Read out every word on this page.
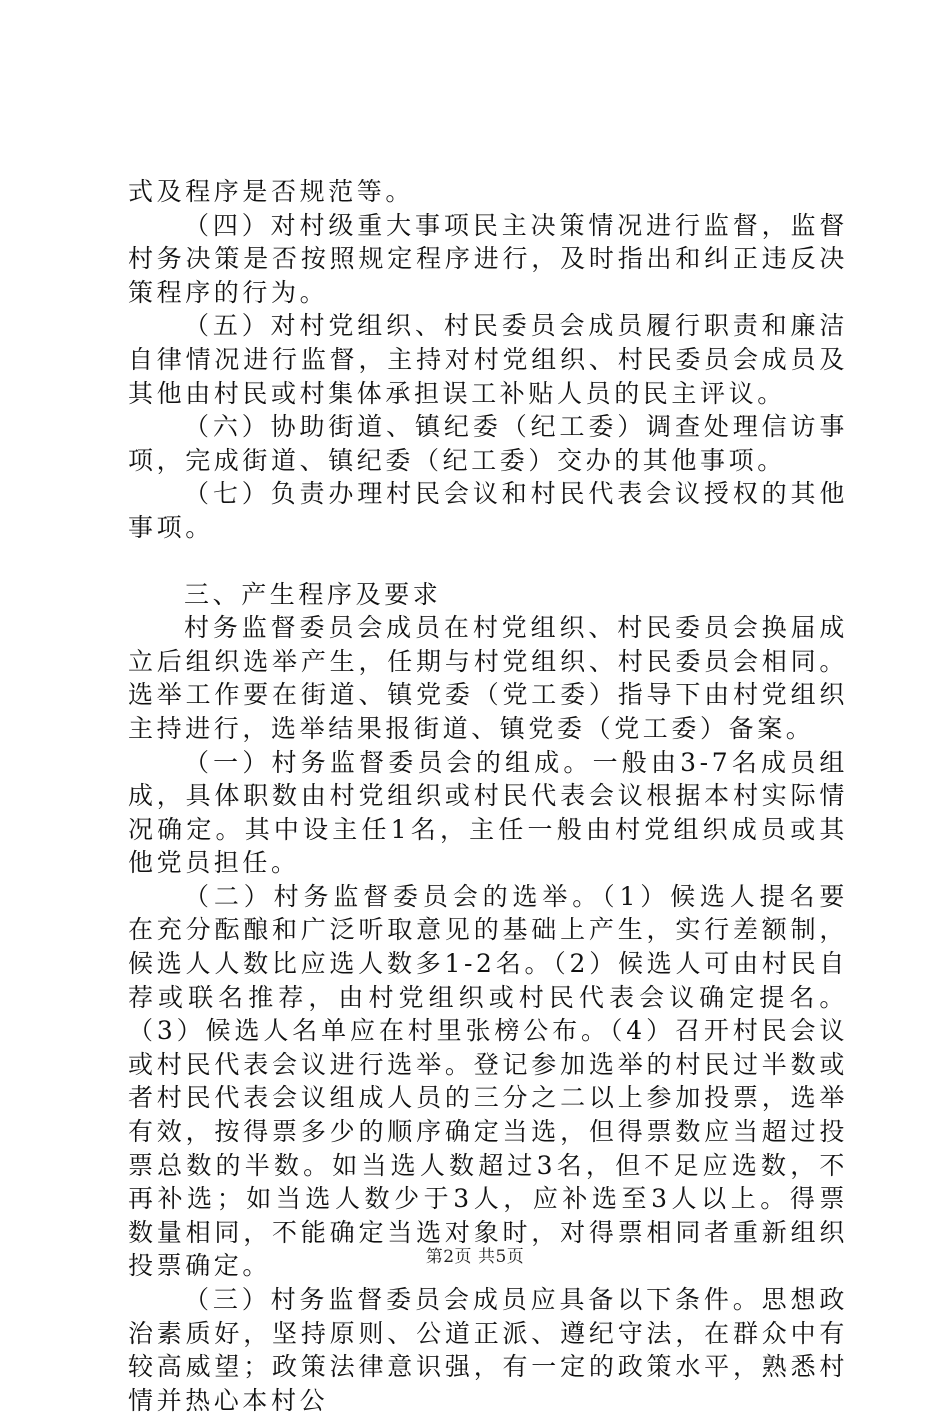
式及程序是否规范等。

（四）对村级重大事项民主决策情况进行监督，监督村务决策是否按照规定程序进行，及时指出和纠正违反决策程序的行为。

（五）对村党组织、村民委员会成员履行职责和廉洁自律情况进行监督，主持对村党组织、村民委员会成员及其他由村民或村集体承担误工补贴人员的民主评议。

（六）协助街道、镇纪委（纪工委）调查处理信访事项，完成街道、镇纪委（纪工委）交办的其他事项。

（七）负责办理村民会议和村民代表会议授权的其他事项。

三、产生程序及要求

村务监督委员会成员在村党组织、村民委员会换届成立后组织选举产生，任期与村党组织、村民委员会相同。选举工作要在街道、镇党委（党工委）指导下由村党组织主持进行，选举结果报街道、镇党委（党工委）备案。

（一）村务监督委员会的组成。一般由3-7名成员组成，具体职数由村党组织或村民代表会议根据本村实际情况确定。其中设主任1名，主任一般由村党组织成员或其他党员担任。

（二）村务监督委员会的选举。（1）候选人提名要在充分酝酿和广泛听取意见的基础上产生，实行差额制，候选人人数比应选人数多1-2名。（2）候选人可由村民自荐或联名推荐，由村党组织或村民代表会议确定提名。（3）候选人名单应在村里张榜公布。（4）召开村民会议或村民代表会议进行选举。登记参加选举的村民过半数或者村民代表会议组成人员的三分之二以上参加投票，选举有效，按得票多少的顺序确定当选，但得票数应当超过投票总数的半数。如当选人数超过3名，但不足应选数，不再补选；如当选人数少于3人，应补选至3人以上。得票数量相同，不能确定当选对象时，对得票相同者重新组织投票确定。

（三）村务监督委员会成员应具备以下条件。思想政治素质好，坚持原则、公道正派、遵纪守法，在群众中有较高威望；政策法律意识强，有一定的政策水平，熟悉村情并热心本村公

第2页 共5页
